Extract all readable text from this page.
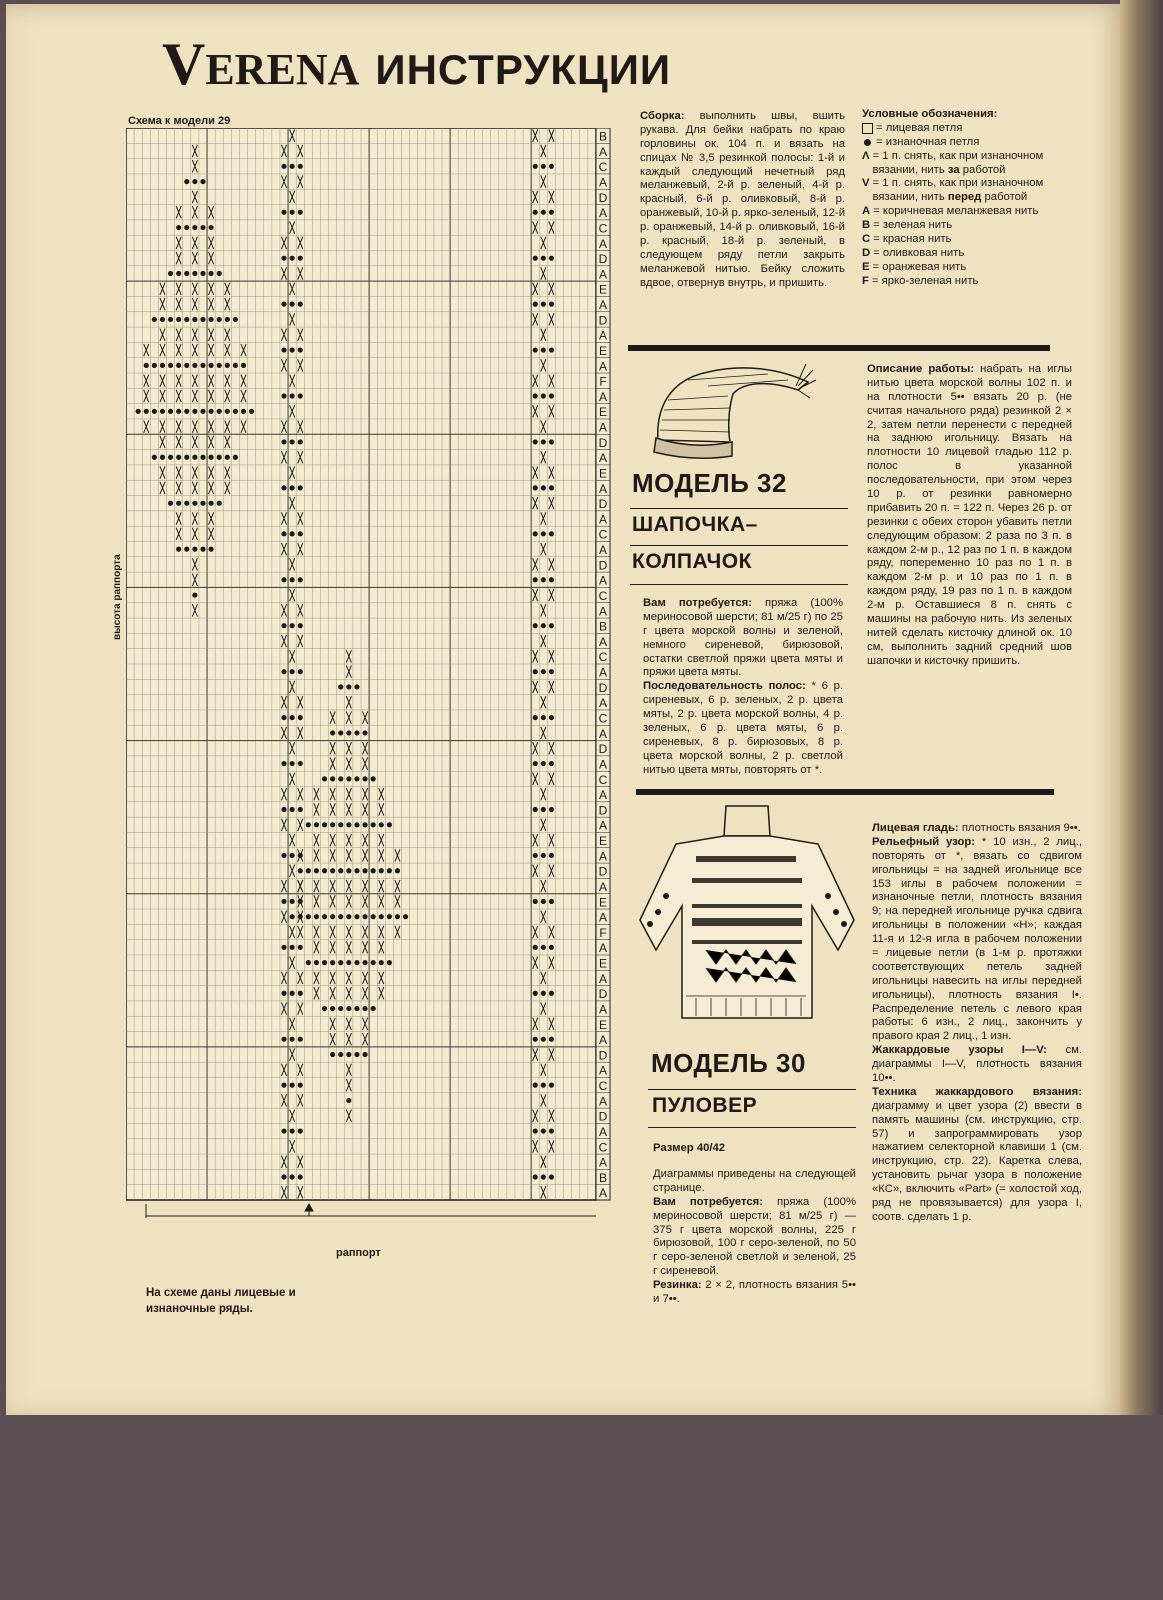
VERENA ИНСТРУКЦИИ
Схема к модели 29
B
A
C
A
D
A
C
A
D
A
E
A
D
A
E
A
F
A
E
A
D
A
E
A
D
A
C
A
D
A
C
A
B
A
C
A
D
A
C
A
D
A
C
A
D
A
E
A
D
A
E
A
F
A
E
A
D
A
E
A
D
A
C
A
D
A
C
A
B
A
высота раппорта
раппорт
На схеме даны лицевые и изнаночные ряды.
Сборка: выполнить швы, вшить рукава. Для бейки набрать по краю горловины ок. 104 п. и вязать на спицах № 3,5 резинкой полосы: 1-й и каждый следующий нечетный ряд меланжевый, 2-й р. зеленый, 4-й р. красный, 6-й р. оливковый, 8-й р. оранжевый, 10-й р. ярко-зеленый, 12-й р. оранжевый, 14-й р. оливковый, 16-й р. красный, 18-й р. зеленый, в следующем ряду петли закрыть меланжевой нитью. Бейку сложить вдвое, отвернув внутрь, и пришить.
Условные обозначения:
= лицевая петля
= изнаночная петля
Λ = 1 п. снять, как при изнаночном вязании, нить за работой
V = 1 п. снять, как при изнаночном вязании, нить перед работой
A = коричневая меланжевая нить
B = зеленая нить
C = красная нить
D = оливковая нить
E = оранжевая нить
F = ярко-зеленая нить
МОДЕЛЬ 32
ШАПОЧКА–
КОЛПАЧОК
Вам потребуется: пряжа (100% мериносовой шерсти; 81 м/25 г) по 25 г цвета морской волны и зеленой, немного сиреневой, бирюзовой, остатки светлой пряжи цвета мяты и пряжи цвета мяты.
Последовательность полос: * 6 р. сиреневых, 6 р. зеленых, 2 р. цвета мяты, 2 р. цвета морской волны, 4 р. зеленых, 6 р. цвета мяты, 6 р. сиреневых, 8 р. бирюзовых, 8 р. цвета морской волны, 2 р. светлой нитью цвета мяты, повторять от *.
Описание работы: набрать на иглы нитью цвета морской волны 102 п. и на плотности 5•• вязать 20 р. (не считая начального ряда) резинкой 2 × 2, затем петли перенести с передней на заднюю игольницу. Вязать на плотности 10 лицевой гладью 112 р. полос в указанной последовательности, при этом через 10 р. от резинки равномерно прибавить 20 п. = 122 п. Через 26 р. от резинки с обеих сторон убавить петли следующим образом: 2 раза по 3 п. в каждом 2-м р., 12 раз по 1 п. в каждом ряду, попеременно 10 раз по 1 п. в каждом 2-м р. и 10 раз по 1 п. в каждом ряду, 19 раз по 1 п. в каждом 2-м р. Оставшиеся 8 п. снять с машины на рабочую нить. Из зеленых нитей сделать кисточку длиной ок. 10 см, выполнить задний средний шов шапочки и кисточку пришить.
МОДЕЛЬ 30
ПУЛОВЕР
Размер 40/42
Диаграммы приведены на следующей странице.
Вам потребуется: пряжа (100% мериносовой шерсти; 81 м/25 г) — 375 г цвета морской волны, 225 г бирюзовой, 100 г серо-зеленой, по 50 г серо-зеленой светлой и зеленой, 25 г сиреневой.
Резинка: 2 × 2, плотность вязания 5•• и 7••.
Лицевая гладь: плотность вязания 9••.
Рельефный узор: * 10 изн., 2 лиц., повторять от *, вязать со сдвигом игольницы = на задней игольнице все 153 иглы в рабочем положении = изнаночные петли, плотность вязания 9; на передней игольнице ручка сдвига игольницы в положении «Н»; каждая 11-я и 12-я игла в рабочем положении = лицевые петли (в 1-м р. протяжки соответствующих петель задней игольницы навесить на иглы передней игольницы), плотность вязания I•. Распределение петель с левого края работы: 6 изн., 2 лиц., закончить у правого края 2 лиц., 1 изн.
Жаккардовые узоры I—V: см. диаграммы I—V, плотность вязания 10••.
Техника жаккардового вязания: диаграмму и цвет узора (2) ввести в память машины (см. инструкцию, стр. 57) и запрограммировать узор нажатием селекторной клавиши 1 (см. инструкцию, стр. 22). Каретка слева, установить рычаг узора в положение «КС», включить «Part» (= холостой ход, ряд не провязывается) для узора I, соотв. сделать 1 р.
